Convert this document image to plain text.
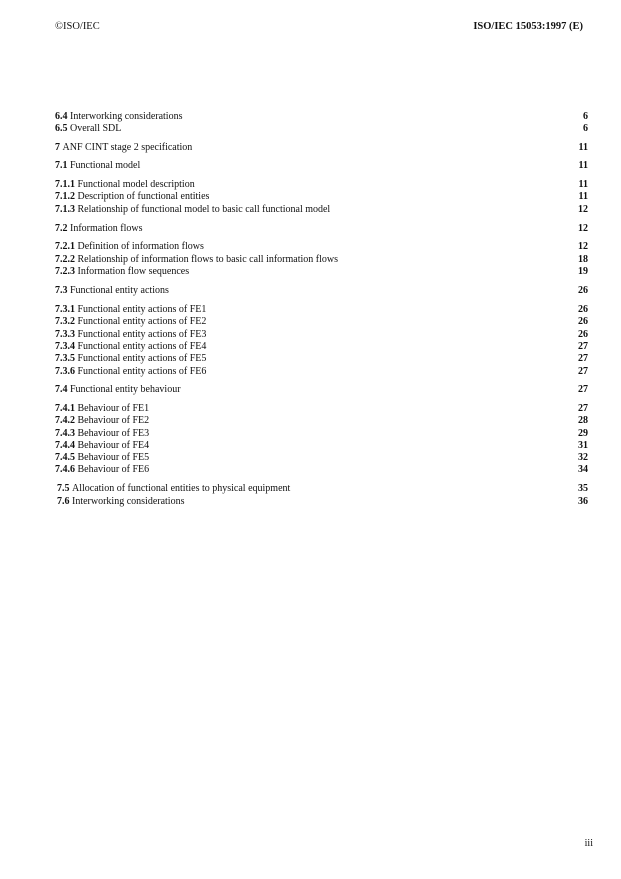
©ISO/IEC	ISO/IEC 15053:1997 (E)
6.4 Interworking considerations	6
6.5 Overall SDL	6
7 ANF CINT stage 2 specification	11
7.1 Functional model	11
7.1.1 Functional model description	11
7.1.2 Description of functional entities	11
7.1.3 Relationship of functional model to basic call functional model	12
7.2 Information flows	12
7.2.1 Definition of information flows	12
7.2.2 Relationship of information flows to basic call information flows	18
7.2.3 Information flow sequences	19
7.3 Functional entity actions	26
7.3.1 Functional entity actions of FE1	26
7.3.2 Functional entity actions of FE2	26
7.3.3 Functional entity actions of FE3	26
7.3.4 Functional entity actions of FE4	27
7.3.5 Functional entity actions of FE5	27
7.3.6 Functional entity actions of FE6	27
7.4 Functional entity behaviour	27
7.4.1 Behaviour of FE1	27
7.4.2 Behaviour of FE2	28
7.4.3 Behaviour of FE3	29
7.4.4 Behaviour of FE4	31
7.4.5 Behaviour of FE5	32
7.4.6 Behaviour of FE6	34
7.5 Allocation of functional entities to physical equipment	35
7.6 Interworking considerations	36
iii
